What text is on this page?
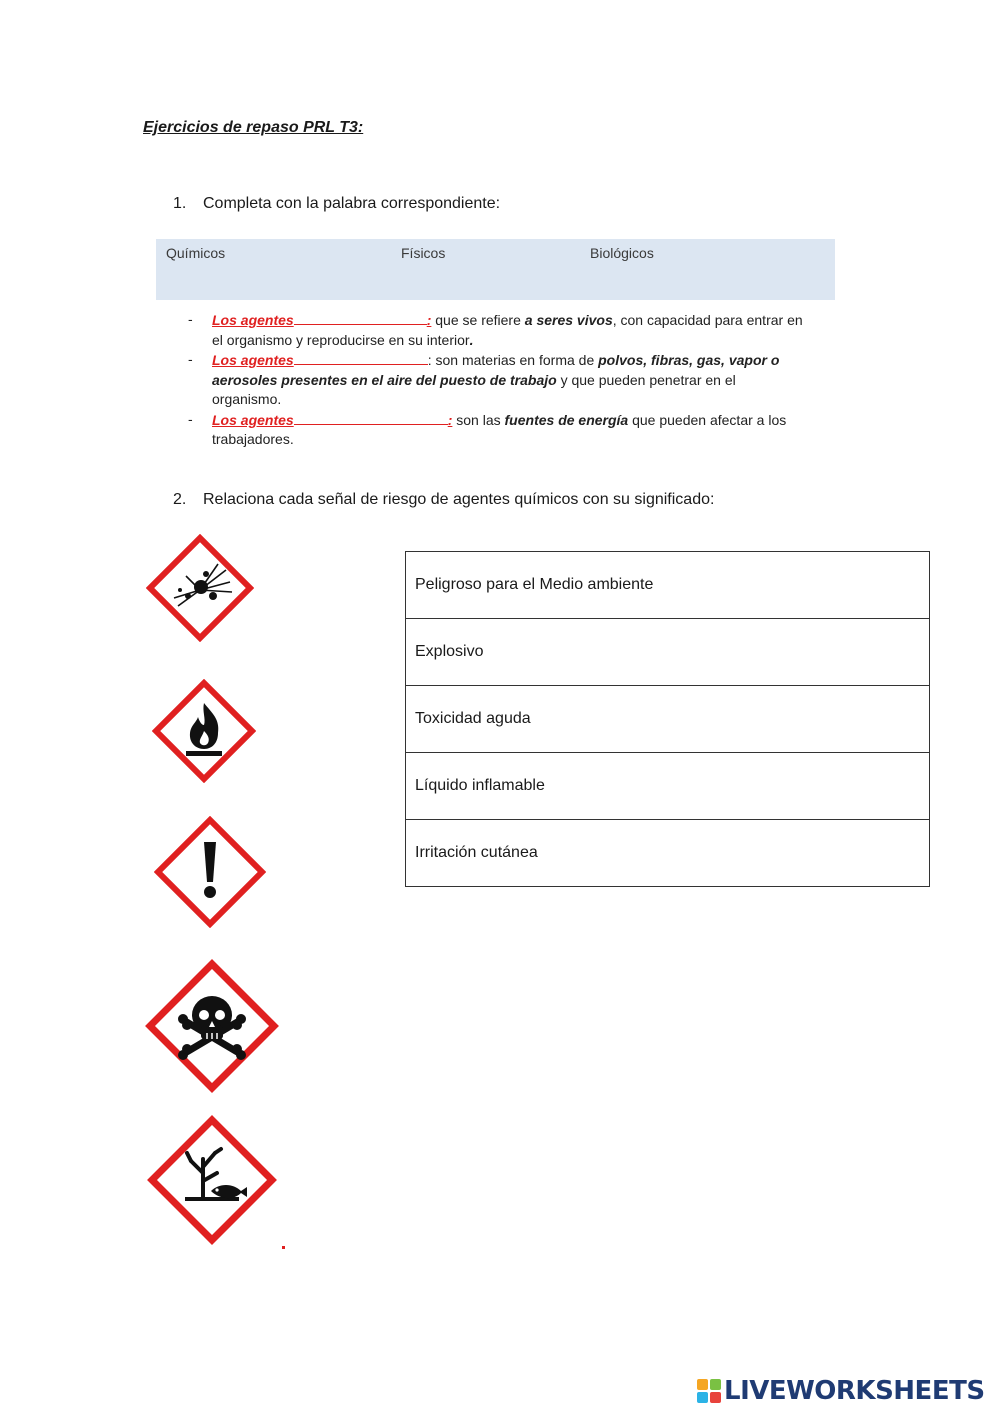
Ejercicios de repaso PRL T3:
1. Completa con la palabra correspondiente:
Químicos	Físicos	Biológicos
- Los agentes	: que se refiere a seres vivos, con capacidad para entrar en el organismo y reproducirse en su interior.
- Los agentes	: son materias en forma de polvos, fibras, gas, vapor o aerosoles presentes en el aire del puesto de trabajo y que pueden penetrar en el organismo.
- Los agentes	: son las fuentes de energía que pueden afectar a los trabajadores.
2. Relaciona cada señal de riesgo de agentes químicos con su significado:
Peligroso para el Medio ambiente
Explosivo
Toxicidad aguda
Líquido inflamable
Irritación cutánea
LIVEWORKSHEETS
